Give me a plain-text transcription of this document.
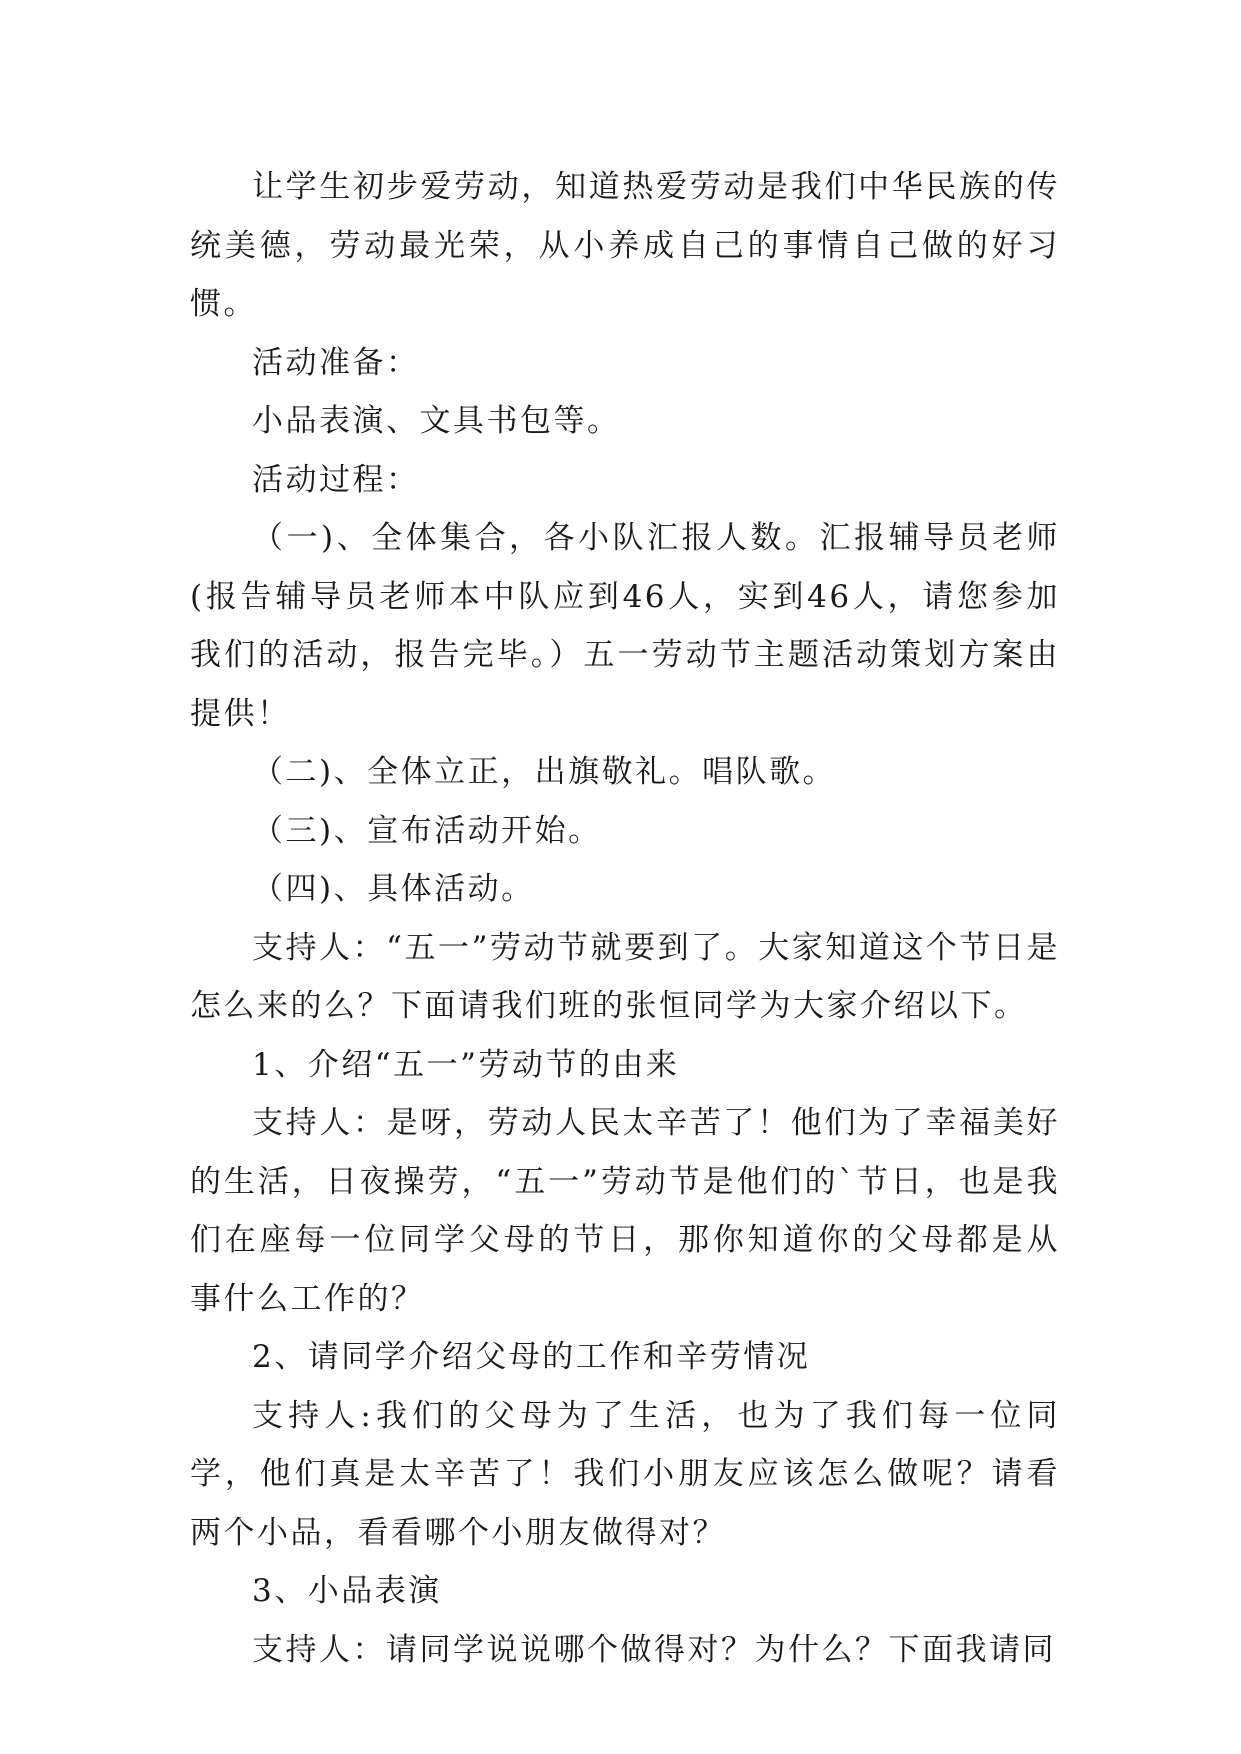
让学生初步爱劳动，知道热爱劳动是我们中华民族的传统美德，劳动最光荣，从小养成自己的事情自己做的好习惯。

活动准备：

小品表演、文具书包等。

活动过程：

（一)、全体集合，各小队汇报人数。汇报辅导员老师(报告辅导员老师本中队应到46人，实到46人，请您参加我们的活动，报告完毕。）五一劳动节主题活动策划方案由提供！

（二)、全体立正，出旗敬礼。唱队歌。

（三)、宣布活动开始。

（四)、具体活动。

支持人：“五一”劳动节就要到了。大家知道这个节日是怎么来的么？下面请我们班的张恒同学为大家介绍以下。

1、介绍“五一”劳动节的由来

支持人：是呀，劳动人民太辛苦了！他们为了幸福美好的生活，日夜操劳，“五一”劳动节是他们的`节日，也是我们在座每一位同学父母的节日，那你知道你的父母都是从事什么工作的？

2、请同学介绍父母的工作和辛劳情况

支持人:我们的父母为了生活，也为了我们每一位同学，他们真是太辛苦了！我们小朋友应该怎么做呢？请看两个小品，看看哪个小朋友做得对？

3、小品表演

支持人：请同学说说哪个做得对？为什么？下面我请同
